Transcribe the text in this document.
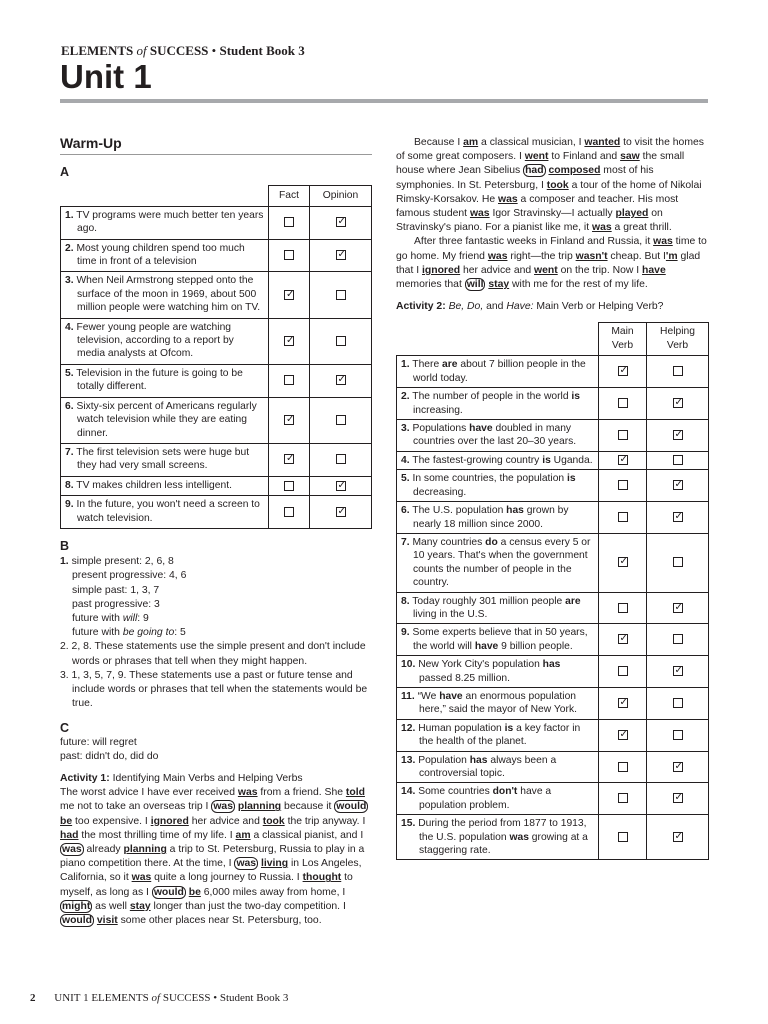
ELEMENTS of SUCCESS • Student Book 3
Unit 1
Warm-Up
A
	Fact	Opinion

1. TV programs were much better ten years ago.		✓

2. Most young children spend too much time in front of a television		✓

3. When Neil Armstrong stepped onto the surface of the moon in 1969, about 500 million people were watching him on TV.	✓	

4. Fewer young people are watching television, according to a report by media analysts at Ofcom.	✓	

5. Television in the future is going to be totally different.		✓

6. Sixty-six percent of Americans regularly watch television while they are eating dinner.	✓	

7. The first television sets were huge but they had very small screens.	✓	

8. TV makes children less intelligent.		✓

9. In the future, you won't need a screen to watch television.		✓
B
1. simple present: 2, 6, 8
present progressive: 4, 6
simple past: 1, 3, 7
past progressive: 3
future with will: 9
future with be going to: 5
2. 2, 8. These statements use the simple present and don't include words or phrases that tell when they might happen.
3. 1, 3, 5, 7, 9. These statements use a past or future tense and include words or phrases that tell when the statements would be true.
C
future: will regret
past: didn't do, did do
Activity 1: Identifying Main Verbs and Helping Verbs

The worst advice I have ever received was from a friend. She told me not to take an overseas trip I was planning because it would be too expensive. I ignored her advice and took the trip anyway. I had the most thrilling time of my life. I am a classical pianist, and I was already planning a trip to St. Petersburg, Russia to play in a piano competition there. At the time, I was living in Los Angeles, California, so it was quite a long journey to Russia. I thought to myself, as long as I would be 6,000 miles away from home, I might as well stay longer than just the two-day competition. I would visit some other places near St. Petersburg, too.

Because I am a classical musician, I wanted to visit the homes of some great composers. I went to Finland and saw the small house where Jean Sibelius had composed most of his symphonies. In St. Petersburg, I took a tour of the home of Nikolai Rimsky-Korsakov. He was a composer and teacher. His most famous student was Igor Stravinsky—I actually played on Stravinsky's piano. For a pianist like me, it was a great thrill.

After three fantastic weeks in Finland and Russia, it was time to go home. My friend was right—the trip wasn't cheap. But I'm glad that I ignored her advice and went on the trip. Now I have memories that will stay with me for the rest of my life.

Activity 2: Be, Do, and Have: Main Verb or Helping Verb?
	Main
Verb	Helping
Verb

1. There are about 7 billion people in the world today.	✓	

2. The number of people in the world is increasing.		✓

3. Populations have doubled in many countries over the last 20–30 years.		✓

4. The fastest-growing country is Uganda.	✓	

5. In some countries, the population is decreasing.		✓

6. The U.S. population has grown by nearly 18 million since 2000.		✓

7. Many countries do a census every 5 or 10 years. That's when the government counts the number of people in the country.	✓	

8. Today roughly 301 million people are living in the U.S.		✓

9. Some experts believe that in 50 years, the world will have 9 billion people.	✓	

10. New York City's population has passed 8.25 million.		✓

11. “We have an enormous population here,” said the mayor of New York.	✓	

12. Human population is a key factor in the health of the planet.	✓	

13. Population has always been a controversial topic.		✓

14. Some countries don't have a population problem.		✓

15. During the period from 1877 to 1913, the U.S. population was growing at a staggering rate.		✓
2 UNIT 1 ELEMENTS of SUCCESS • Student Book 3
